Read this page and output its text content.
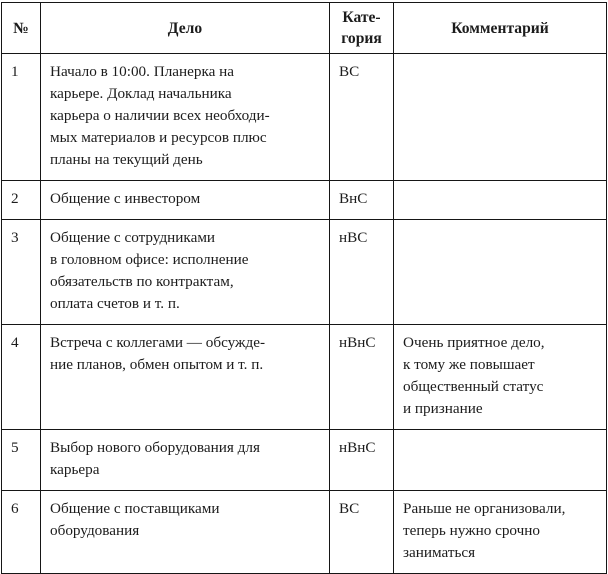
№	Дело	Кате- гория	Комментарий
1	Начало в 10:00. Планерка на
карьере. Доклад начальника
карьера о наличии всех необходи-
мых материалов и ресурсов плюс
планы на текущий день	ВС	

2	Общение с инвестором	ВнС	

3	Общение с сотрудниками
в головном офисе: исполнение
обязательств по контрактам,
оплата счетов и т. п.	нВС	

4	Встреча с коллегами — обсужде-
ние планов, обмен опытом и т. п.	нВнС	Очень приятное дело,
к тому же повышает
общественный статус
и признание

5	Выбор нового оборудования для
карьера	нВнС	

6	Общение с поставщиками
оборудования	ВС	Раньше не организовали,
теперь нужно срочно
заниматься
